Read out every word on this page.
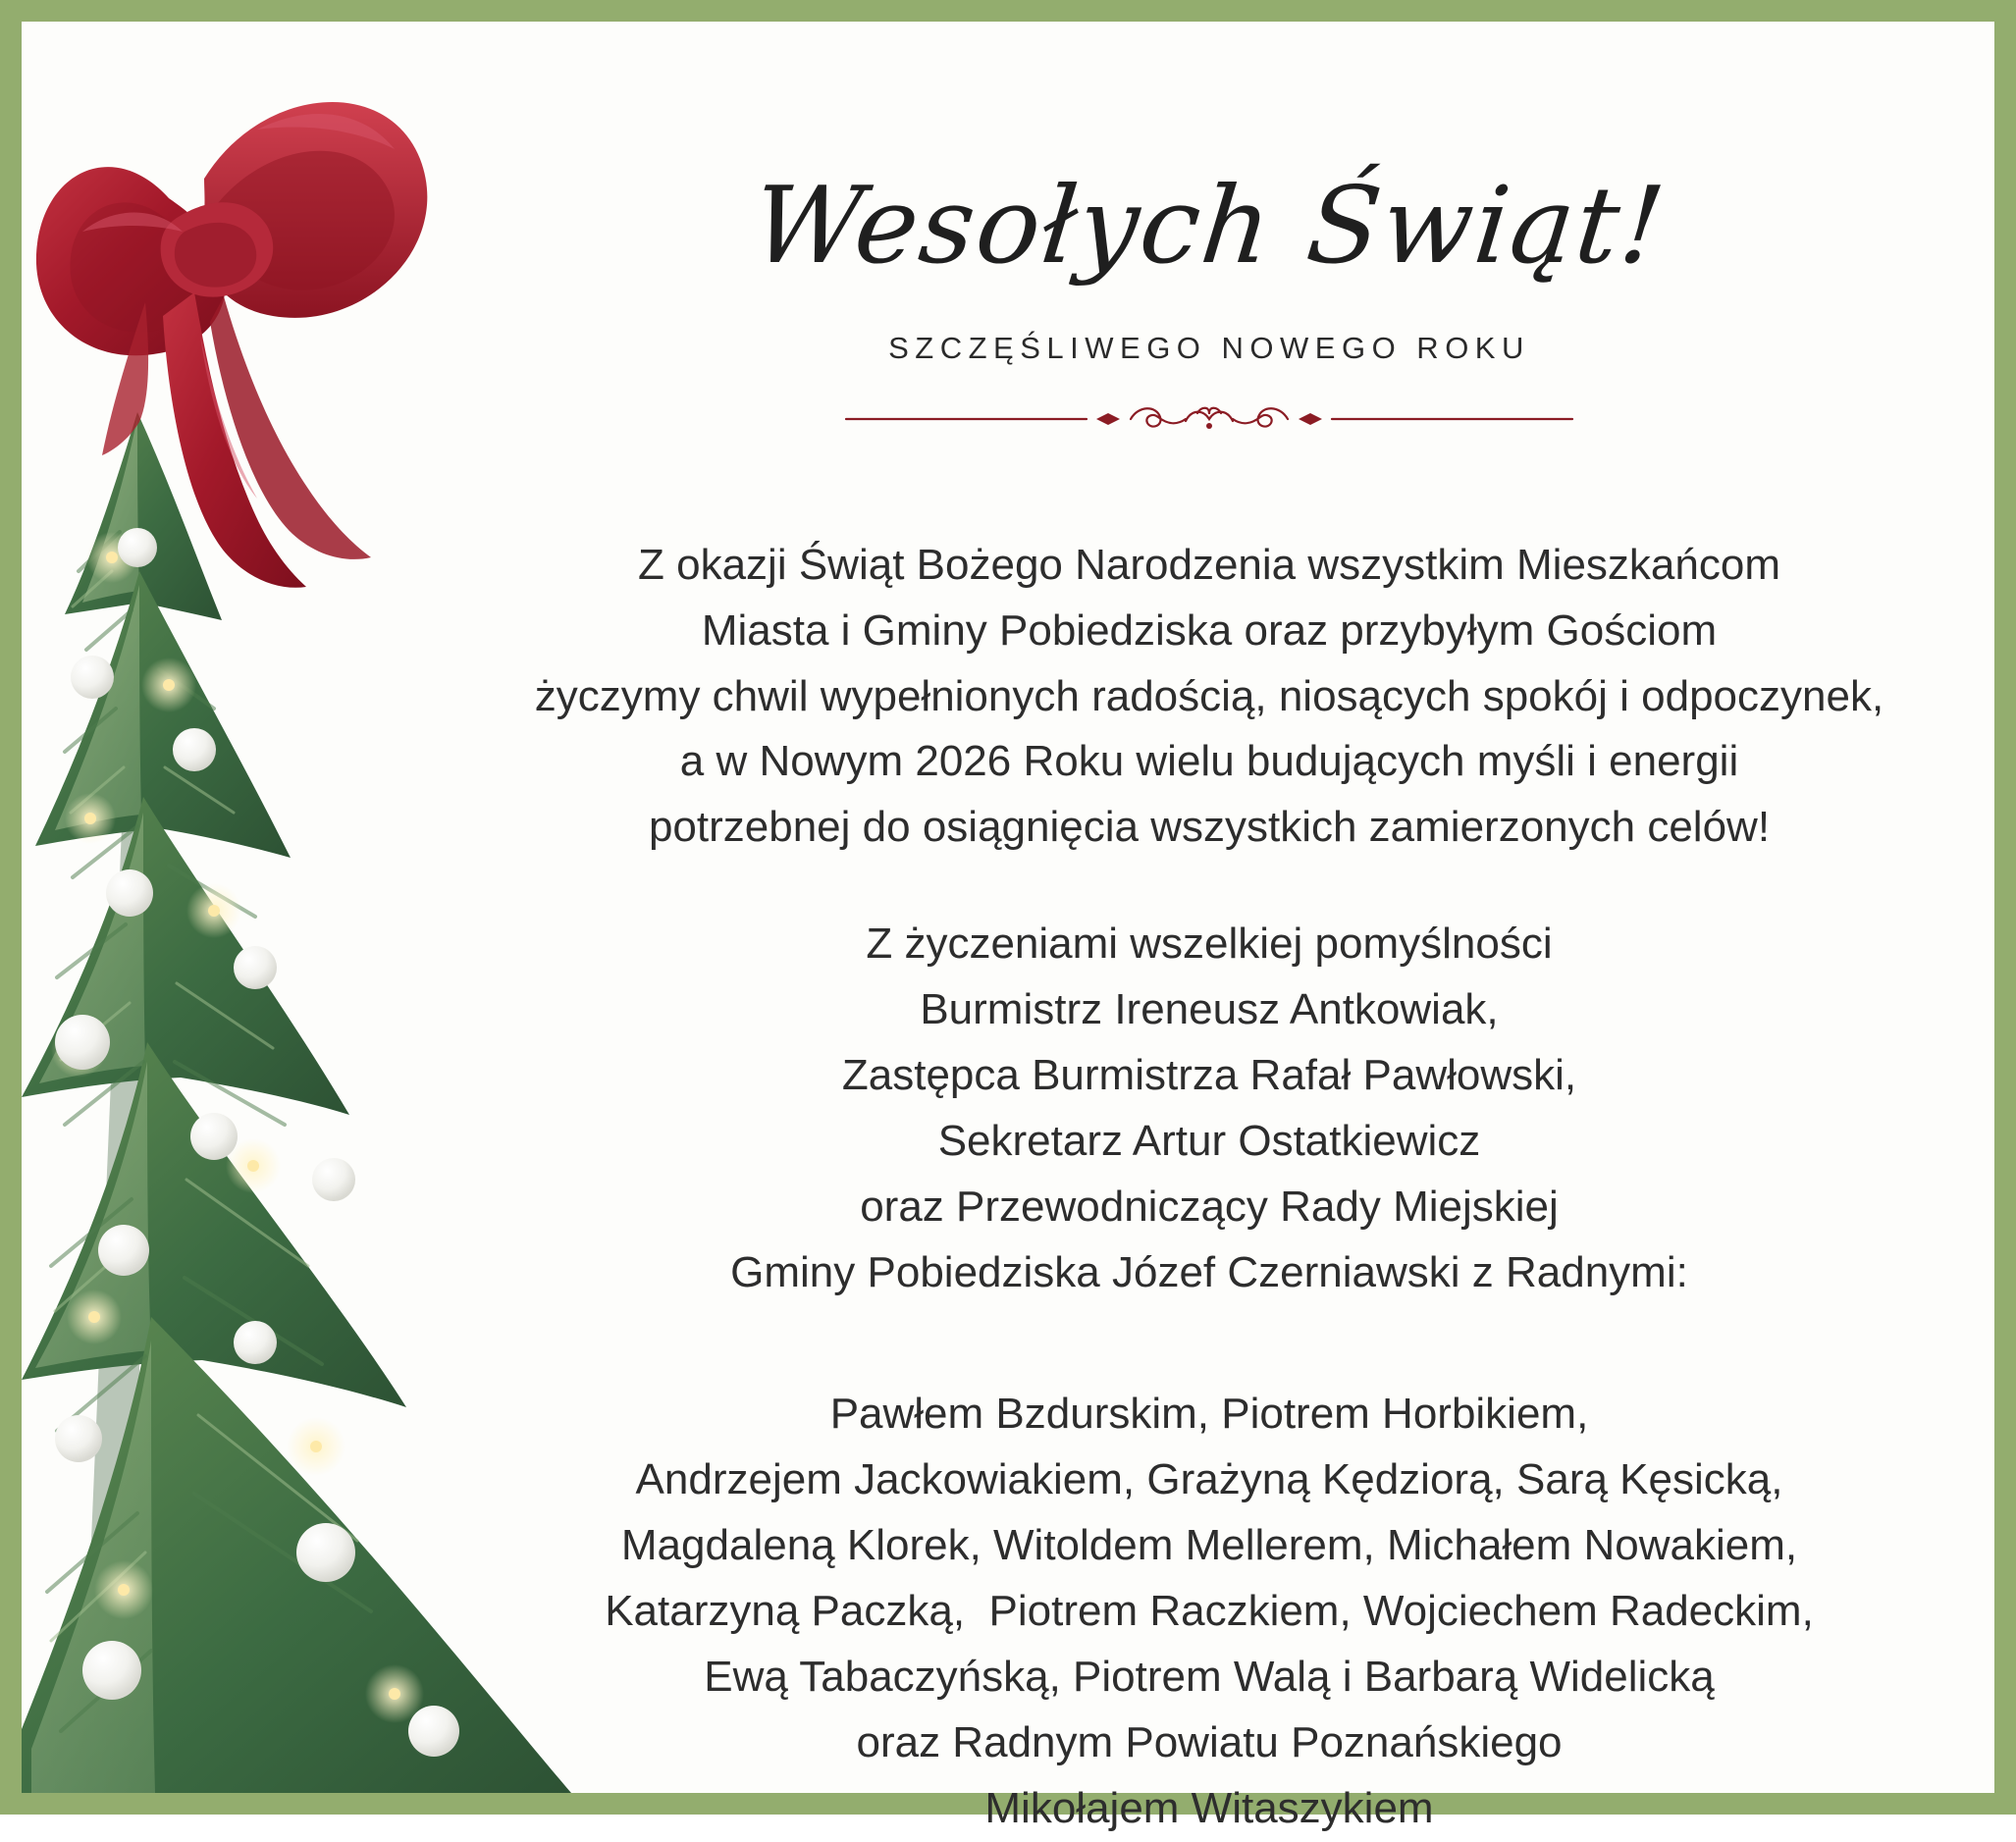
Wesołych Świąt!
SZCZĘŚLIWEGO NOWEGO ROKU
Z okazji Świąt Bożego Narodzenia wszystkim Mieszkańcom
Miasta i Gminy Pobiedziska oraz przybyłym Gościom
życzymy chwil wypełnionych radością, niosących spokój i odpoczynek,
a w Nowym 2026 Roku wielu budujących myśli i energii
potrzebnej do osiągnięcia wszystkich zamierzonych celów!
Z życzeniami wszelkiej pomyślności
Burmistrz Ireneusz Antkowiak,
Zastępca Burmistrza Rafał Pawłowski,
Sekretarz Artur Ostatkiewicz
oraz Przewodniczący Rady Miejskiej
Gminy Pobiedziska Józef Czerniawski z Radnymi:
Pawłem Bzdurskim, Piotrem Horbikiem,
Andrzejem Jackowiakiem, Grażyną Kędziorą, Sarą Kęsicką,
Magdaleną Klorek, Witoldem Mellerem, Michałem Nowakiem,
Katarzyną Paczką,  Piotrem Raczkiem, Wojciechem Radeckim,
Ewą Tabaczyńską, Piotrem Walą i Barbarą Widelicką
oraz Radnym Powiatu Poznańskiego
Mikołajem Witaszykiem
